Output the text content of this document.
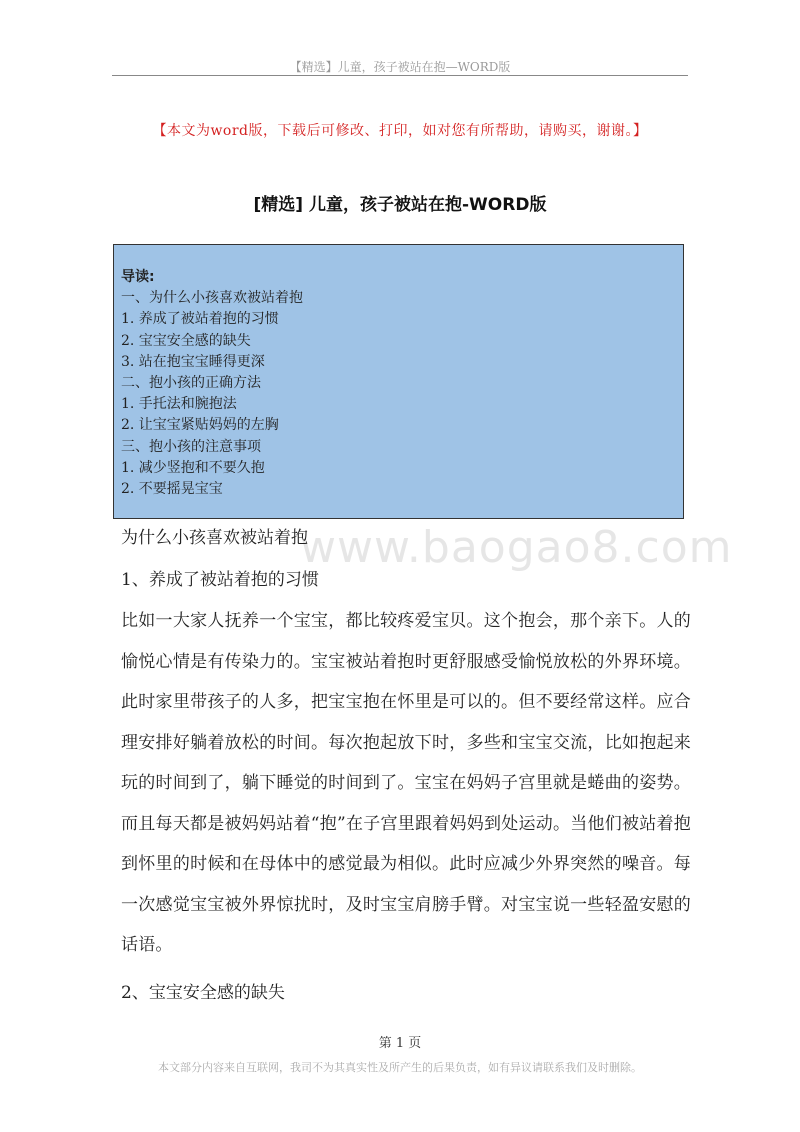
【精选】儿童，孩子被站在抱—WORD版
【本文为word版，下载后可修改、打印，如对您有所帮助，请购买，谢谢。】
[精选] 儿童，孩子被站在抱-WORD版
导读:
一、为什么小孩喜欢被站着抱
1. 养成了被站着抱的习惯
2. 宝宝安全感的缺失
3. 站在抱宝宝睡得更深
二、抱小孩的正确方法
1. 手托法和腕抱法
2. 让宝宝紧贴妈妈的左胸
三、抱小孩的注意事项
1. 减少竖抱和不要久抱
2. 不要摇晃宝宝
www.baogao8.com
为什么小孩喜欢被站着抱
1、养成了被站着抱的习惯
比如一大家人抚养一个宝宝，都比较疼爱宝贝。这个抱会，那个亲下。人的愉悦心情是有传染力的。宝宝被站着抱时更舒服感受愉悦放松的外界环境。此时家里带孩子的人多，把宝宝抱在怀里是可以的。但不要经常这样。应合理安排好躺着放松的时间。每次抱起放下时，多些和宝宝交流，比如抱起来玩的时间到了，躺下睡觉的时间到了。宝宝在妈妈子宫里就是蜷曲的姿势。而且每天都是被妈妈站着“抱”在子宫里跟着妈妈到处运动。当他们被站着抱到怀里的时候和在母体中的感觉最为相似。此时应减少外界突然的噪音。每一次感觉宝宝被外界惊扰时，及时宝宝肩膀手臂。对宝宝说一些轻盈安慰的话语。
2、宝宝安全感的缺失
第 1 页
本文部分内容来自互联网，我司不为其真实性及所产生的后果负责，如有异议请联系我们及时删除。
